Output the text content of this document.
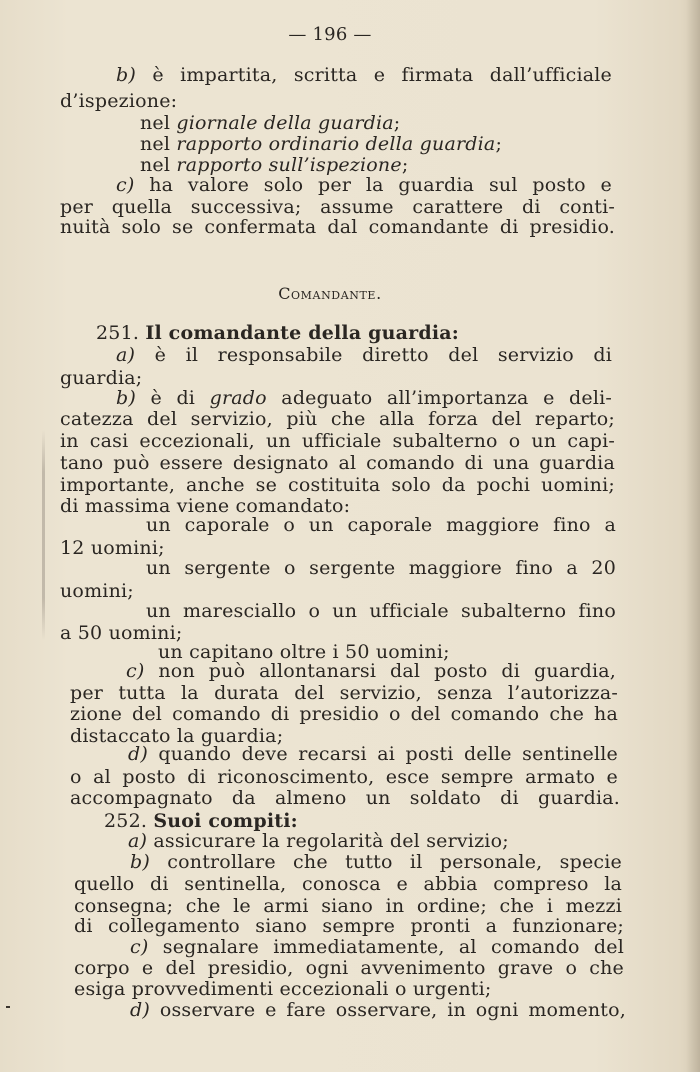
— 196 —
b) è impartita, scritta e firmata dall’ufficiale
d’ispezione:
nel giornale della guardia;
nel rapporto ordinario della guardia;
nel rapporto sull’ispezione;
c) ha valore solo per la guardia sul posto e
per quella successiva; assume carattere di conti-
nuità solo se confermata dal comandante di presidio.
Comandante.
251. Il comandante della guardia:
a) è il responsabile diretto del servizio di
guardia;
b) è di grado adeguato all’importanza e deli-
catezza del servizio, più che alla forza del reparto;
in casi eccezionali, un ufficiale subalterno o un capi-
tano può essere designato al comando di una guardia
importante, anche se costituita solo da pochi uomini;
di massima viene comandato:
un caporale o un caporale maggiore fino a
12 uomini;
un sergente o sergente maggiore fino a 20
uomini;
un maresciallo o un ufficiale subalterno fino
a 50 uomini;
un capitano oltre i 50 uomini;
c) non può allontanarsi dal posto di guardia,
per tutta la durata del servizio, senza l’autorizza-
zione del comando di presidio o del comando che ha
distaccato la guardia;
d) quando deve recarsi ai posti delle sentinelle
o al posto di riconoscimento, esce sempre armato e
accompagnato da almeno un soldato di guardia.
252. Suoi compiti:
a) assicurare la regolarità del servizio;
b) controllare che tutto il personale, specie
quello di sentinella, conosca e abbia compreso la
consegna; che le armi siano in ordine; che i mezzi
di collegamento siano sempre pronti a funzionare;
c) segnalare immediatamente, al comando del
corpo e del presidio, ogni avvenimento grave o che
esiga provvedimenti eccezionali o urgenti;
d) osservare e fare osservare, in ogni momento,
